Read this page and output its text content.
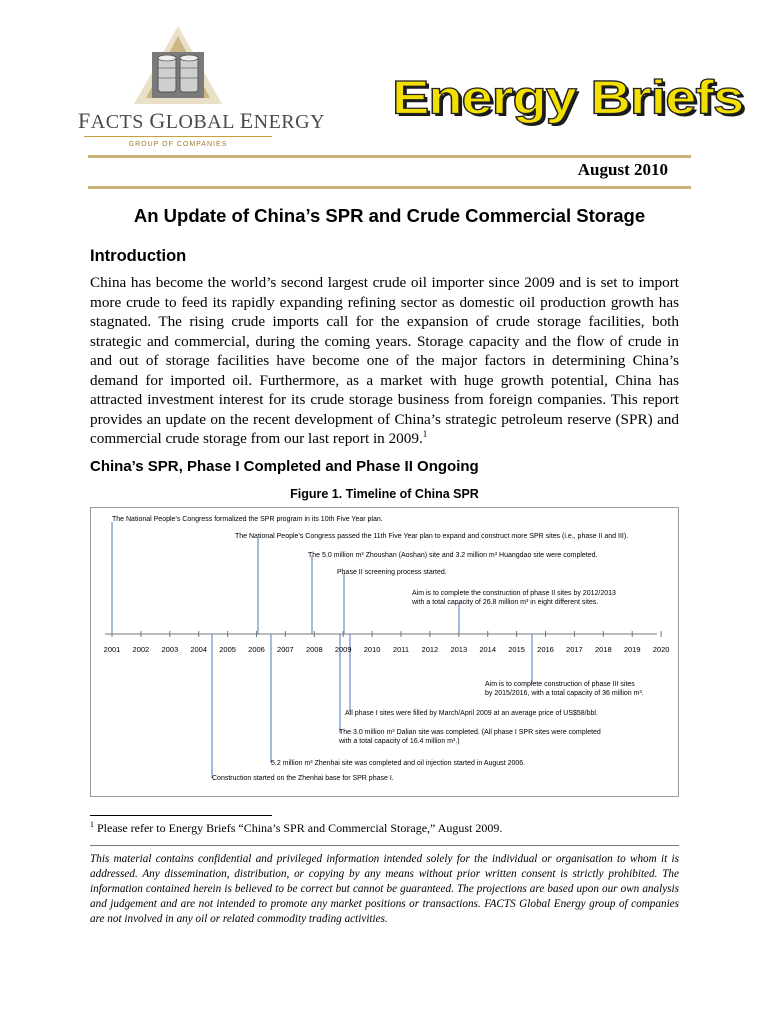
FACTS GLOBAL ENERGY
GROUP OF COMPANIES
Energy Briefs
August 2010
An Update of China’s SPR and Crude Commercial Storage
Introduction
China has become the world’s second largest crude oil importer since 2009 and is set to import more crude to feed its rapidly expanding refining sector as domestic oil production growth has stagnated. The rising crude imports call for the expansion of crude storage facilities, both strategic and commercial, during the coming years. Storage capacity and the flow of crude in and out of storage facilities have become one of the major factors in determining China’s demand for imported oil. Furthermore, as a market with huge growth potential, China has attracted investment interest for its crude storage business from foreign companies. This report provides an update on the recent development of China’s strategic petroleum reserve (SPR) and commercial crude storage from our last report in 2009.$^1$
China’s SPR, Phase I Completed and Phase II Ongoing
Figure 1. Timeline of China SPR
2001	2002	2003	2004	2005	2006	2007	2008	2009	2010	2011	2012	2013	2014	2015	2016	2017	2018	2019	2020
The National People’s Congress formalized the SPR program in its 10th Five Year plan.
The National People’s Congress passed the 11th Five Year plan to expand and construct more SPR sites (i.e., phase II and III).
The 5.0 million m³ Zhoushan (Aoshan) site and 3.2 million m³ Huangdao site were completed.
Phase II screening process started.
Aim is to complete the construction of phase II sites by 2012/2013
with a total capacity of 26.8 million m³ in eight different sites.
Aim is to complete construction of phase III sites
by 2015/2016, with a total capacity of 36 million m³.
All phase I sites were filled by March/April 2009 at an average price of US$58/bbl.
The 3.0 million m³ Dalian site was completed. (All phase I SPR sites were completed
with a total capacity of 16.4 million m³.)
5.2 million m³ Zhenhai site was completed and oil injection started in August 2006.
Construction started on the Zhenhai base for SPR phase I.
$^1$ Please refer to Energy Briefs “China’s SPR and Commercial Storage,” August 2009.
This material contains confidential and privileged information intended solely for the individual or organisation to whom it is addressed. Any dissemination, distribution, or copying by any means without prior written consent is strictly prohibited. The information contained herein is believed to be correct but cannot be guaranteed. The projections are based upon our own analysis and judgement and are not intended to promote any market positions or transactions. FACTS Global Energy group of companies are not involved in any oil or related commodity trading activities.
